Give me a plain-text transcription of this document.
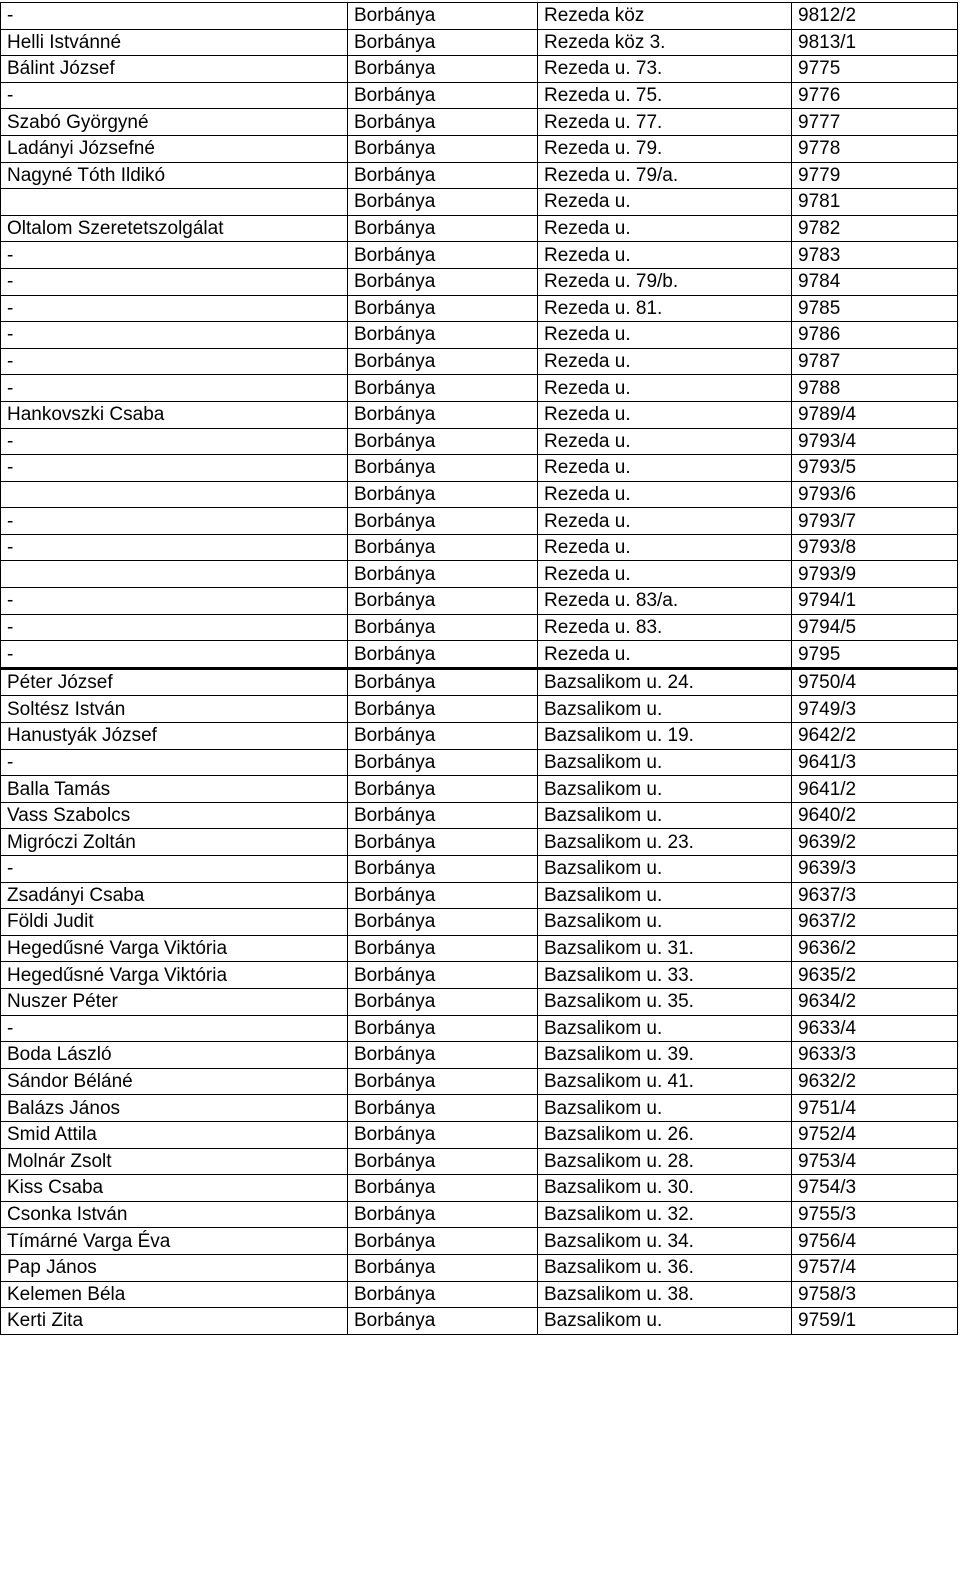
-	Borbánya	Rezeda köz	9812/2
Helli Istvánné	Borbánya	Rezeda köz 3.	9813/1
Bálint József	Borbánya	Rezeda u. 73.	9775
-	Borbánya	Rezeda u. 75.	9776
Szabó Györgyné	Borbánya	Rezeda u. 77.	9777
Ladányi Józsefné	Borbánya	Rezeda u. 79.	9778
Nagyné Tóth Ildikó	Borbánya	Rezeda u. 79/a.	9779
	Borbánya	Rezeda u.	9781
Oltalom Szeretetszolgálat	Borbánya	Rezeda u.	9782
-	Borbánya	Rezeda u.	9783
-	Borbánya	Rezeda u. 79/b.	9784
-	Borbánya	Rezeda u. 81.	9785
-	Borbánya	Rezeda u.	9786
-	Borbánya	Rezeda u.	9787
-	Borbánya	Rezeda u.	9788
Hankovszki Csaba	Borbánya	Rezeda u.	9789/4
-	Borbánya	Rezeda u.	9793/4
-	Borbánya	Rezeda u.	9793/5
	Borbánya	Rezeda u.	9793/6
-	Borbánya	Rezeda u.	9793/7
-	Borbánya	Rezeda u.	9793/8
	Borbánya	Rezeda u.	9793/9
-	Borbánya	Rezeda u. 83/a.	9794/1
-	Borbánya	Rezeda u. 83.	9794/5
-	Borbánya	Rezeda u.	9795
Péter József	Borbánya	Bazsalikom u. 24.	9750/4
Soltész István	Borbánya	Bazsalikom u.	9749/3
Hanustyák József	Borbánya	Bazsalikom u. 19.	9642/2
-	Borbánya	Bazsalikom u.	9641/3
Balla Tamás	Borbánya	Bazsalikom u.	9641/2
Vass Szabolcs	Borbánya	Bazsalikom u.	9640/2
Migróczi Zoltán	Borbánya	Bazsalikom u. 23.	9639/2
-	Borbánya	Bazsalikom u.	9639/3
Zsadányi Csaba	Borbánya	Bazsalikom u.	9637/3
Földi Judit	Borbánya	Bazsalikom u.	9637/2
Hegedűsné Varga Viktória	Borbánya	Bazsalikom u. 31.	9636/2
Hegedűsné Varga Viktória	Borbánya	Bazsalikom u. 33.	9635/2
Nuszer Péter	Borbánya	Bazsalikom u. 35.	9634/2
-	Borbánya	Bazsalikom u.	9633/4
Boda László	Borbánya	Bazsalikom u. 39.	9633/3
Sándor Béláné	Borbánya	Bazsalikom u. 41.	9632/2
Balázs János	Borbánya	Bazsalikom u.	9751/4
Smid Attila	Borbánya	Bazsalikom u. 26.	9752/4
Molnár Zsolt	Borbánya	Bazsalikom u. 28.	9753/4
Kiss Csaba	Borbánya	Bazsalikom u. 30.	9754/3
Csonka István	Borbánya	Bazsalikom u. 32.	9755/3
Tímárné Varga Éva	Borbánya	Bazsalikom u. 34.	9756/4
Pap János	Borbánya	Bazsalikom u. 36.	9757/4
Kelemen Béla	Borbánya	Bazsalikom u. 38.	9758/3
Kerti Zita	Borbánya	Bazsalikom u.	9759/1
